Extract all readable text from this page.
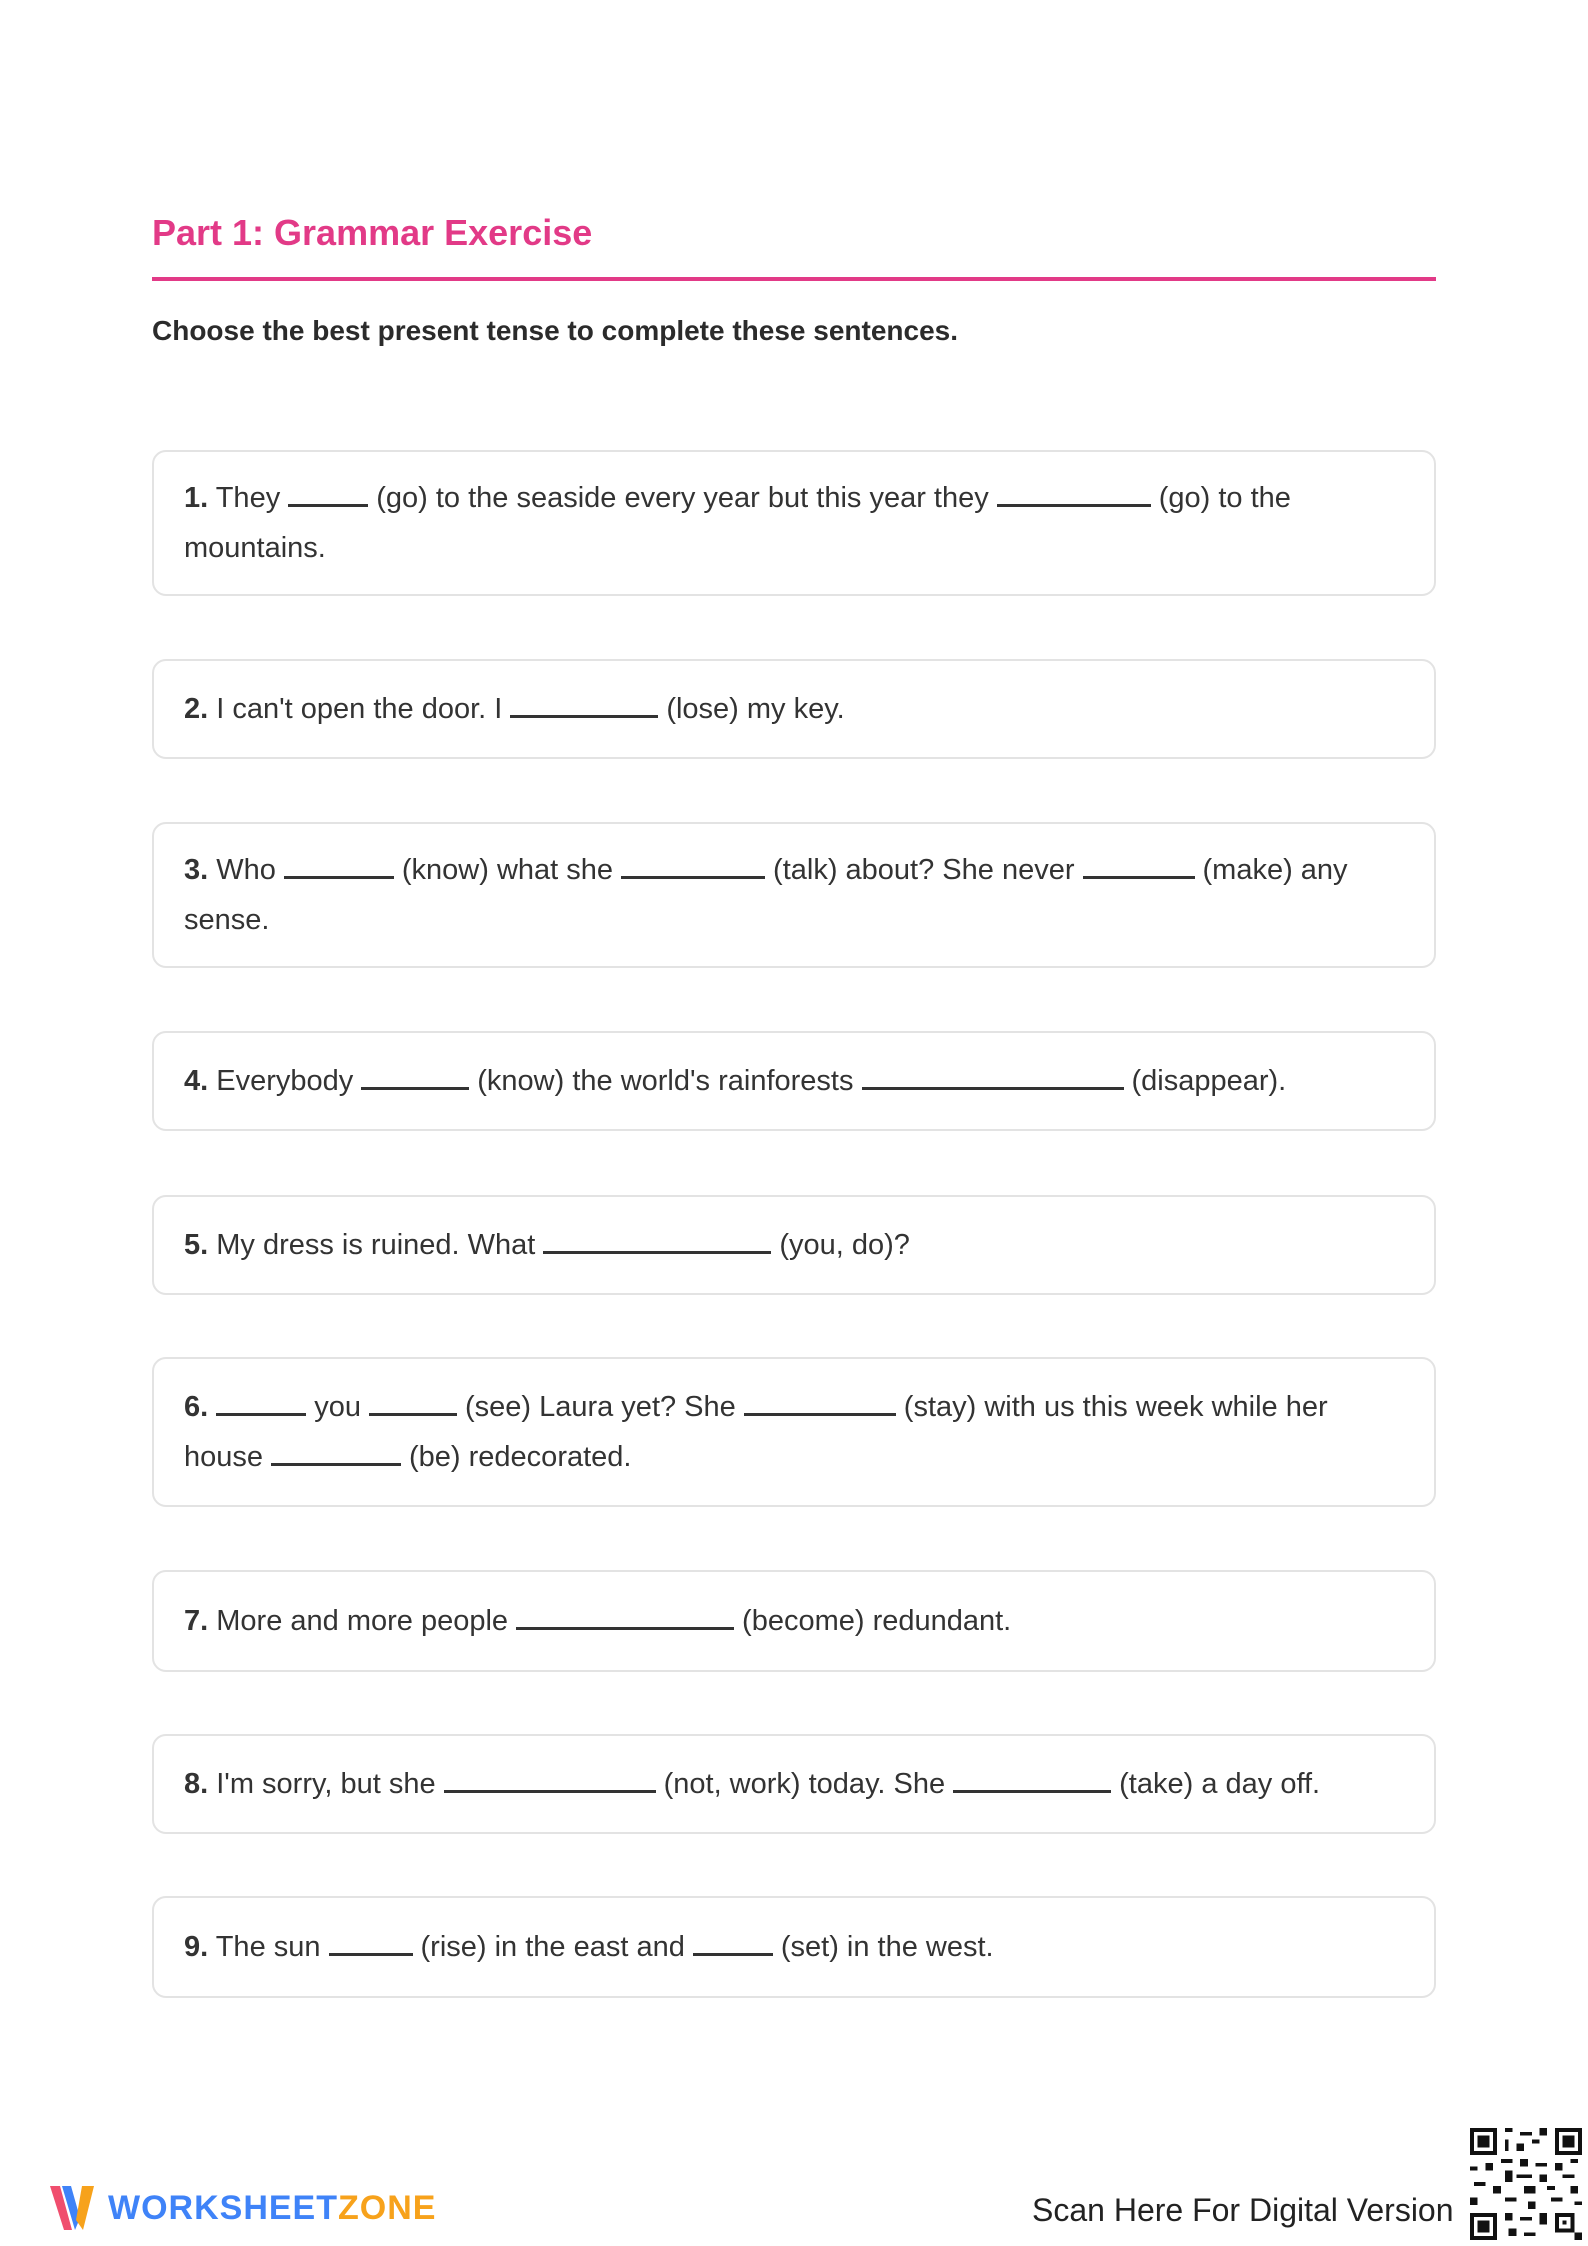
Part 1: Grammar Exercise
Choose the best present tense to complete these sentences.
1. They	(go) to the seaside every year but this year they	(go) to the mountains.
2. I can't open the door. I	(lose) my key.
3. Who	(know) what she	(talk) about? She never	(make) any sense.
4. Everybody	(know) the world's rainforests	(disappear).
5. My dress is ruined. What	(you, do)?
6.	you	(see) Laura yet? She	(stay) with us this week while her house	(be) redecorated.
7. More and more people	(become) redundant.
8. I'm sorry, but she	(not, work) today. She	(take) a day off.
9. The sun	(rise) in the east and	(set) in the west.
WORKSHEETZONE	Scan Here For Digital Version
